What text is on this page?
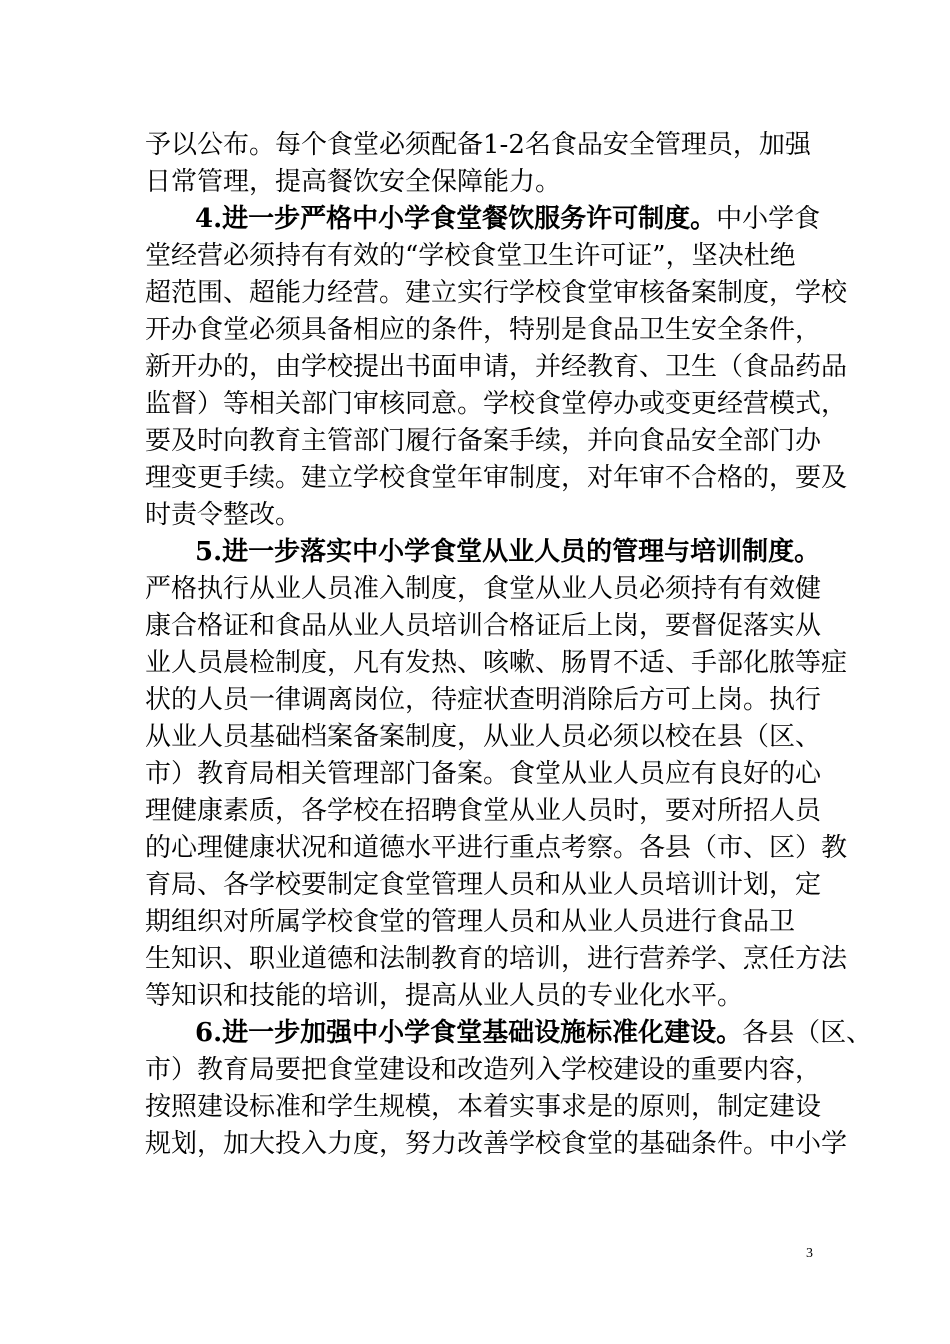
予以公布。每个食堂必须配备1-2名食品安全管理员，加强
日常管理，提高餐饮安全保障能力。
4.进一步严格中小学食堂餐饮服务许可制度。中小学食
堂经营必须持有有效的“学校食堂卫生许可证”，坚决杜绝
超范围、超能力经营。建立实行学校食堂审核备案制度，学校
开办食堂必须具备相应的条件，特别是食品卫生安全条件，
新开办的，由学校提出书面申请，并经教育、卫生（食品药品
监督）等相关部门审核同意。学校食堂停办或变更经营模式，
要及时向教育主管部门履行备案手续，并向食品安全部门办
理变更手续。建立学校食堂年审制度，对年审不合格的，要及
时责令整改。
5.进一步落实中小学食堂从业人员的管理与培训制度。
严格执行从业人员准入制度，食堂从业人员必须持有有效健
康合格证和食品从业人员培训合格证后上岗，要督促落实从
业人员晨检制度，凡有发热、咳嗽、肠胃不适、手部化脓等症
状的人员一律调离岗位，待症状查明消除后方可上岗。执行
从业人员基础档案备案制度，从业人员必须以校在县（区、
市）教育局相关管理部门备案。食堂从业人员应有良好的心
理健康素质，各学校在招聘食堂从业人员时，要对所招人员
的心理健康状况和道德水平进行重点考察。各县（市、区）教
育局、各学校要制定食堂管理人员和从业人员培训计划，定
期组织对所属学校食堂的管理人员和从业人员进行食品卫
生知识、职业道德和法制教育的培训，进行营养学、烹任方法
等知识和技能的培训，提高从业人员的专业化水平。
6.进一步加强中小学食堂基础设施标准化建设。各县（区、
市）教育局要把食堂建设和改造列入学校建设的重要内容，
按照建设标准和学生规模，本着实事求是的原则，制定建设
规划，加大投入力度，努力改善学校食堂的基础条件。中小学
3
